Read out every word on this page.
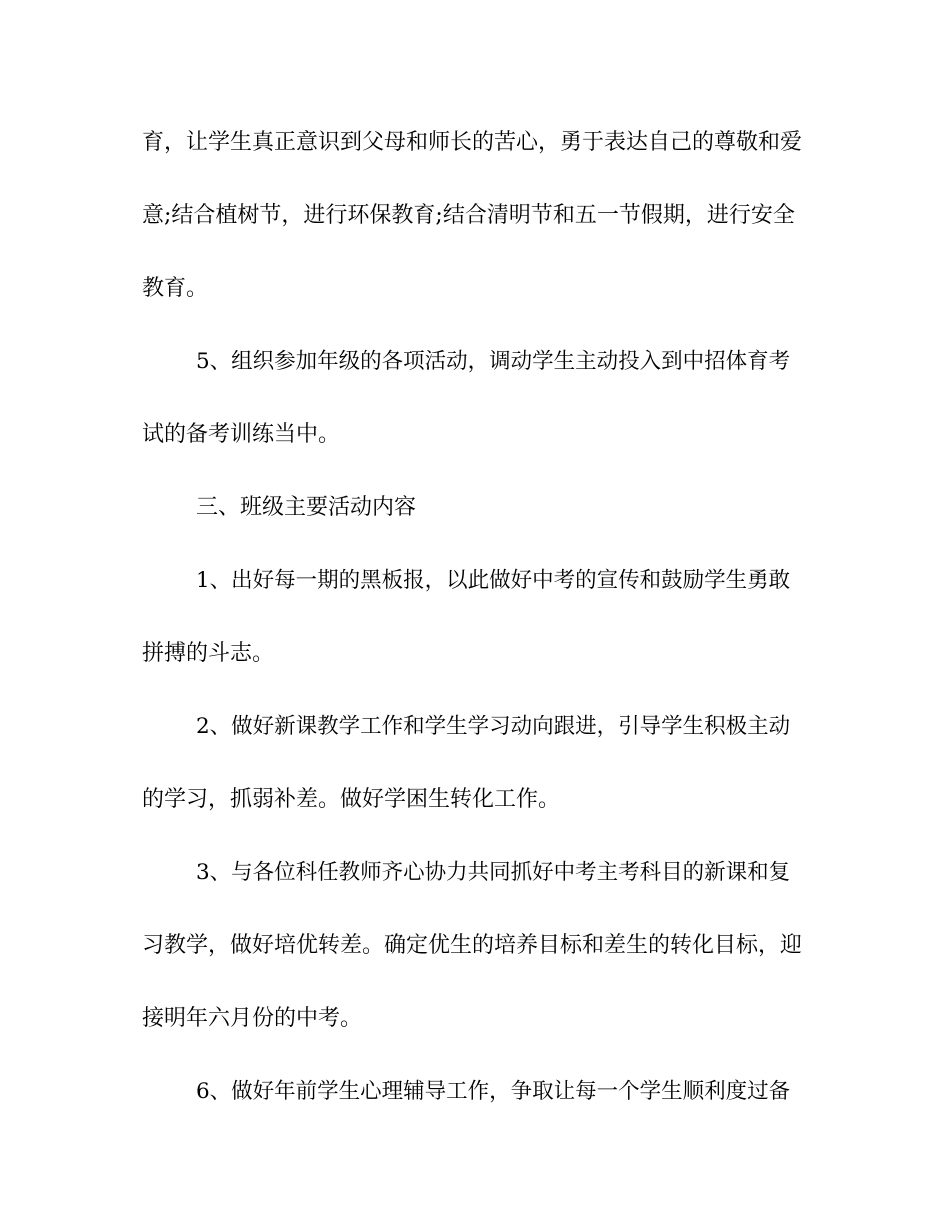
育，让学生真正意识到父母和师长的苦心，勇于表达自己的尊敬和爱
意;结合植树节，进行环保教育;结合清明节和五一节假期，进行安全
教育。
5、组织参加年级的各项活动，调动学生主动投入到中招体育考
试的备考训练当中。
三、班级主要活动内容
1、出好每一期的黑板报，以此做好中考的宣传和鼓励学生勇敢
拼搏的斗志。
2、做好新课教学工作和学生学习动向跟进，引导学生积极主动
的学习，抓弱补差。做好学困生转化工作。
3、与各位科任教师齐心协力共同抓好中考主考科目的新课和复
习教学，做好培优转差。确定优生的培养目标和差生的转化目标，迎
接明年六月份的中考。
6、做好年前学生心理辅导工作，争取让每一个学生顺利度过备
